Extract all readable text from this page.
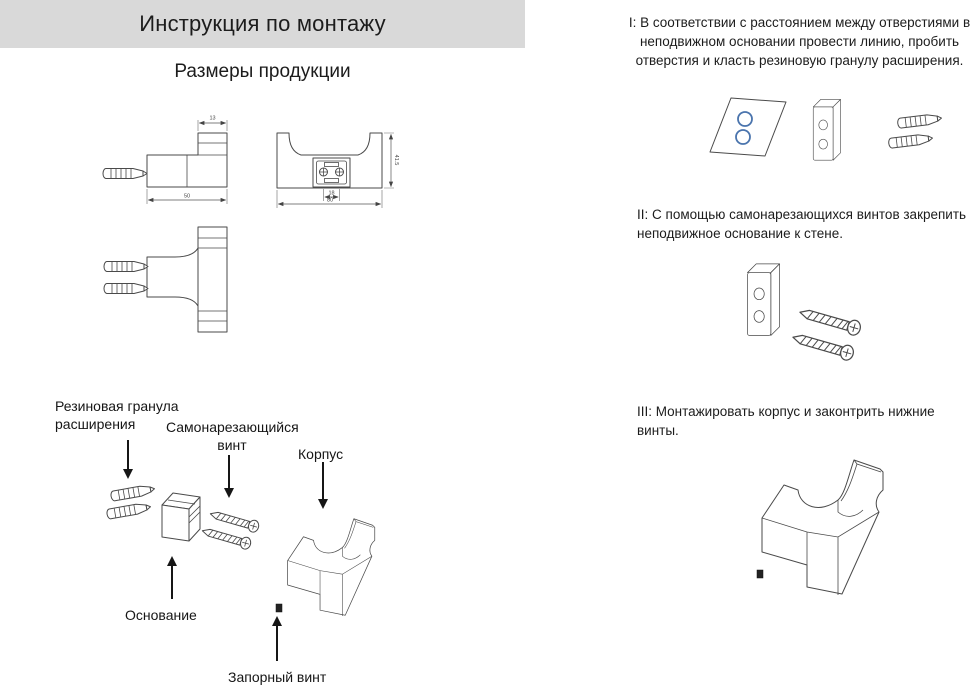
Инструкция по монтажу
Размеры продукции
13
50
41.5
18
80
Резиновая гранула расширения	Самонарезающийся винт
Корпус
Основание
Запорный винт
I: В соответствии с расстоянием между отверстиями в неподвижном основании провести линию, пробить отверстия и класть резиновую гранулу расширения.
II: С помощью самонарезающихся винтов закрепить неподвижное основание к стене.
III: Монтажировать корпус и законтрить нижние винты.
